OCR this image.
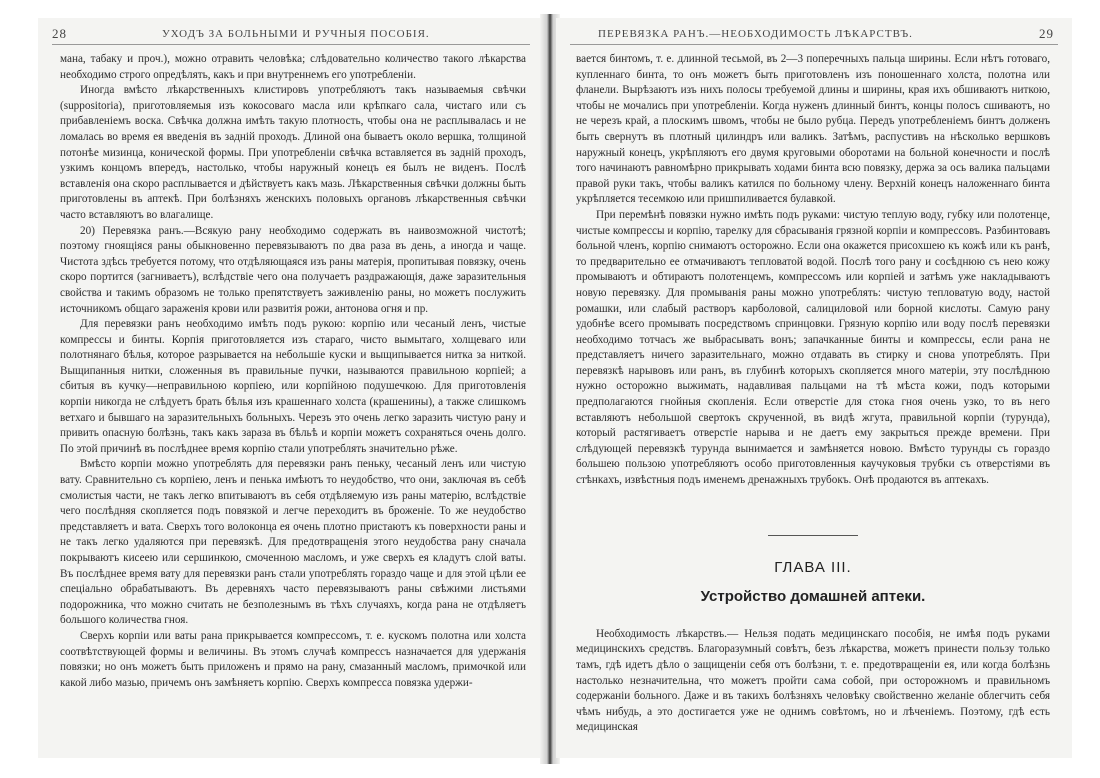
28	УХОДЪ ЗА БОЛЬНЫМИ И РУЧНЫЯ ПОСОБІЯ.

мана, табаку и проч.), можно отравить человѣка; слѣдовательно количество такого лѣкарства необходимо строго опредѣлять, какъ и при внутреннемъ его употребленіи.

Иногда вмѣсто лѣкарственныхъ клистировъ употребляютъ такъ называемыя свѣчки (suppositoria), приготовляемыя изъ кокосоваго масла или крѣпкаго сала, чистаго или съ прибавленіемъ воска. Свѣчка должна имѣть такую плотность, чтобы она не расплывалась и не ломалась во время ея введенія въ задній проходъ. Длиной она бываетъ около вершка, толщиной потонѣе мизинца, конической формы. При употребленіи свѣчка вставляется въ задній проходъ, узкимъ концомъ впередъ, настолько, чтобы наружный конецъ ея былъ не виденъ. Послѣ вставленія она скоро расплывается и дѣйствуетъ какъ мазь. Лѣкарственныя свѣчки должны быть приготовлены въ аптекѣ. При болѣзняхъ женскихъ половыхъ органовъ лѣкарственныя свѣчки часто вставляютъ во влагалище.

20) Перевязка ранъ.—Всякую рану необходимо содержать въ наивозможной чистотѣ; поэтому гноящіяся раны обыкновенно перевязываютъ по два раза въ день, а иногда и чаще. Чистота здѣсь требуется потому, что отдѣляющаяся изъ раны матерія, пропитывая повязку, очень скоро портится (загниваетъ), вслѣдствіе чего она получаетъ раздражающія, даже заразительныя свойства и такимъ образомъ не только препятствуетъ заживленію раны, но можетъ послужить источникомъ общаго зараженія крови или развитія рожи, антонова огня и пр.

Для перевязки ранъ необходимо имѣть подъ рукою: корпію или чесаный ленъ, чистые компрессы и бинты. Корпія приготовляется изъ стараго, чисто вымытаго, холщеваго или полотнянаго бѣлья, которое разрывается на небольшіе куски и выщипывается нитка за ниткой. Выщипанныя нитки, сложенныя въ правильные пучки, называются правильною корпіей; а сбитыя въ кучку—неправильною корпіею, или корпійною подушечкою. Для приготовленія корпіи никогда не слѣдуетъ брать бѣлья изъ крашеннаго холста (крашенины), а также слишкомъ ветхаго и бывшаго на заразительныхъ больныхъ. Черезъ это очень легко заразить чистую рану и привить опасную болѣзнь, такъ какъ зараза въ бѣльѣ и корпіи можетъ сохраняться очень долго. По этой причинѣ въ послѣднее время корпію стали употреблять значительно рѣже.

Вмѣсто корпіи можно употреблять для перевязки ранъ пеньку, чесаный ленъ или чистую вату. Сравнительно съ корпіею, ленъ и пенька имѣютъ то неудобство, что они, заключая въ себѣ смолистыя части, не такъ легко впитываютъ въ себя отдѣляемую изъ раны матерію, вслѣдствіе чего послѣдняя скопляется подъ повязкой и легче переходитъ въ броженіе. То же неудобство представляетъ и вата. Сверхъ того волоконца ея очень плотно пристаютъ къ поверхности раны и не такъ легко удаляются при перевязкѣ. Для предотвращенія этого неудобства рану сначала покрываютъ кисеею или сершинкою, смоченною масломъ, и уже сверхъ ея кладутъ слой ваты. Въ послѣднее время вату для перевязки ранъ стали употреблять гораздо чаще и для этой цѣли ее спеціально обрабатываютъ. Въ деревняхъ часто перевязываютъ раны свѣжими листьями подорожника, что можно считать не безполезнымъ въ тѣхъ случаяхъ, когда рана не отдѣляетъ большого количества гноя.

Сверхъ корпіи или ваты рана прикрывается компрессомъ, т. е. кускомъ полотна или холста соотвѣтствующей формы и величины. Въ этомъ случаѣ компрессъ назначается для удержанія повязки; но онъ можетъ быть приложенъ и прямо на рану, смазанный масломъ, примочкой или какой либо мазью, причемъ онъ замѣняетъ корпію. Сверхъ компресса повязка удержи-

ПЕРЕВЯЗКА РАНЪ.—НЕОБХОДИМОСТЬ ЛѢКАРСТВЪ.	29

вается бинтомъ, т. е. длинной тесьмой, въ 2—3 поперечныхъ пальца ширины. Если нѣтъ готоваго, купленнаго бинта, то онъ можетъ быть приготовленъ изъ поношеннаго холста, полотна или фланели. Вырѣзаютъ изъ нихъ полосы требуемой длины и ширины, края ихъ обшиваютъ ниткою, чтобы не мочались при употребленіи. Когда нуженъ длинный бинтъ, концы полосъ сшиваютъ, но не черезъ край, а плоскимъ швомъ, чтобы не было рубца. Передъ употребленіемъ бинтъ долженъ быть свернутъ въ плотный цилиндръ или валикъ. Затѣмъ, распустивъ на нѣсколько вершковъ наружный конецъ, укрѣпляютъ его двумя круговыми оборотами на больной конечности и послѣ того начинаютъ равномѣрно прикрывать ходами бинта всю повязку, держа за ось валика пальцами правой руки такъ, чтобы валикъ катился по больному члену. Верхній конецъ наложеннаго бинта укрѣпляется тесемкою или пришпиливается булавкой.

При перемѣнѣ повязки нужно имѣть подъ руками: чистую теплую воду, губку или полотенце, чистые компрессы и корпію, тарелку для сбрасыванія грязной корпіи и компрессовъ. Разбинтовавъ больной членъ, корпію снимаютъ осторожно. Если она окажется присохшею къ кожѣ или къ ранѣ, то предварительно ее отмачиваютъ тепловатой водой. Послѣ того рану и сосѣднюю съ нею кожу промываютъ и обтираютъ полотенцемъ, компрессомъ или корпіей и затѣмъ уже накладываютъ новую перевязку. Для промыванія раны можно употреблять: чистую тепловатую воду, настой ромашки, или слабый растворъ карболовой, салициловой или борной кислоты. Самую рану удобнѣе всего промывать посредствомъ спринцовки. Грязную корпію или воду послѣ перевязки необходимо тотчасъ же выбрасывать вонъ; запачканные бинты и компрессы, если рана не представляетъ ничего заразительнаго, можно отдавать въ стирку и снова употреблять. При перевязкѣ нарывовъ или ранъ, въ глубинѣ которыхъ скопляется много матеріи, эту послѣднюю нужно осторожно выжимать, надавливая пальцами на тѣ мѣста кожи, подъ которыми предполагаются гнойныя скопленія. Если отверстіе для стока гноя очень узко, то въ него вставляютъ небольшой свертокъ скрученной, въ видѣ жгута, правильной корпіи (турунда), который растягиваетъ отверстіе нарыва и не даетъ ему закрыться прежде времени. При слѣдующей перевязкѣ турунда вынимается и замѣняется новою. Вмѣсто турунды съ гораздо большею пользою употребляютъ особо приготовленныя каучуковыя трубки съ отверстіями въ стѣнкахъ, извѣстныя подъ именемъ дренажныхъ трубокъ. Онѣ продаются въ аптекахъ.

ГЛАВА III.
Устройство домашней аптеки.

Необходимость лѣкарствъ.— Нельзя подать медицинскаго пособія, не имѣя подъ руками медицинскихъ средствъ. Благоразумный совѣтъ, безъ лѣкарства, можетъ принести пользу только тамъ, гдѣ идетъ дѣло о защищеніи себя отъ болѣзни, т. е. предотвращеніи ея, или когда болѣзнь настолько незначительна, что можетъ пройти сама собой, при осторожномъ и правильномъ содержаніи больного. Даже и въ такихъ болѣзняхъ человѣку свойственно желаніе облегчить себя чѣмъ нибудь, а это достигается уже не однимъ совѣтомъ, но и лѣченіемъ. Поэтому, гдѣ есть медицинская
